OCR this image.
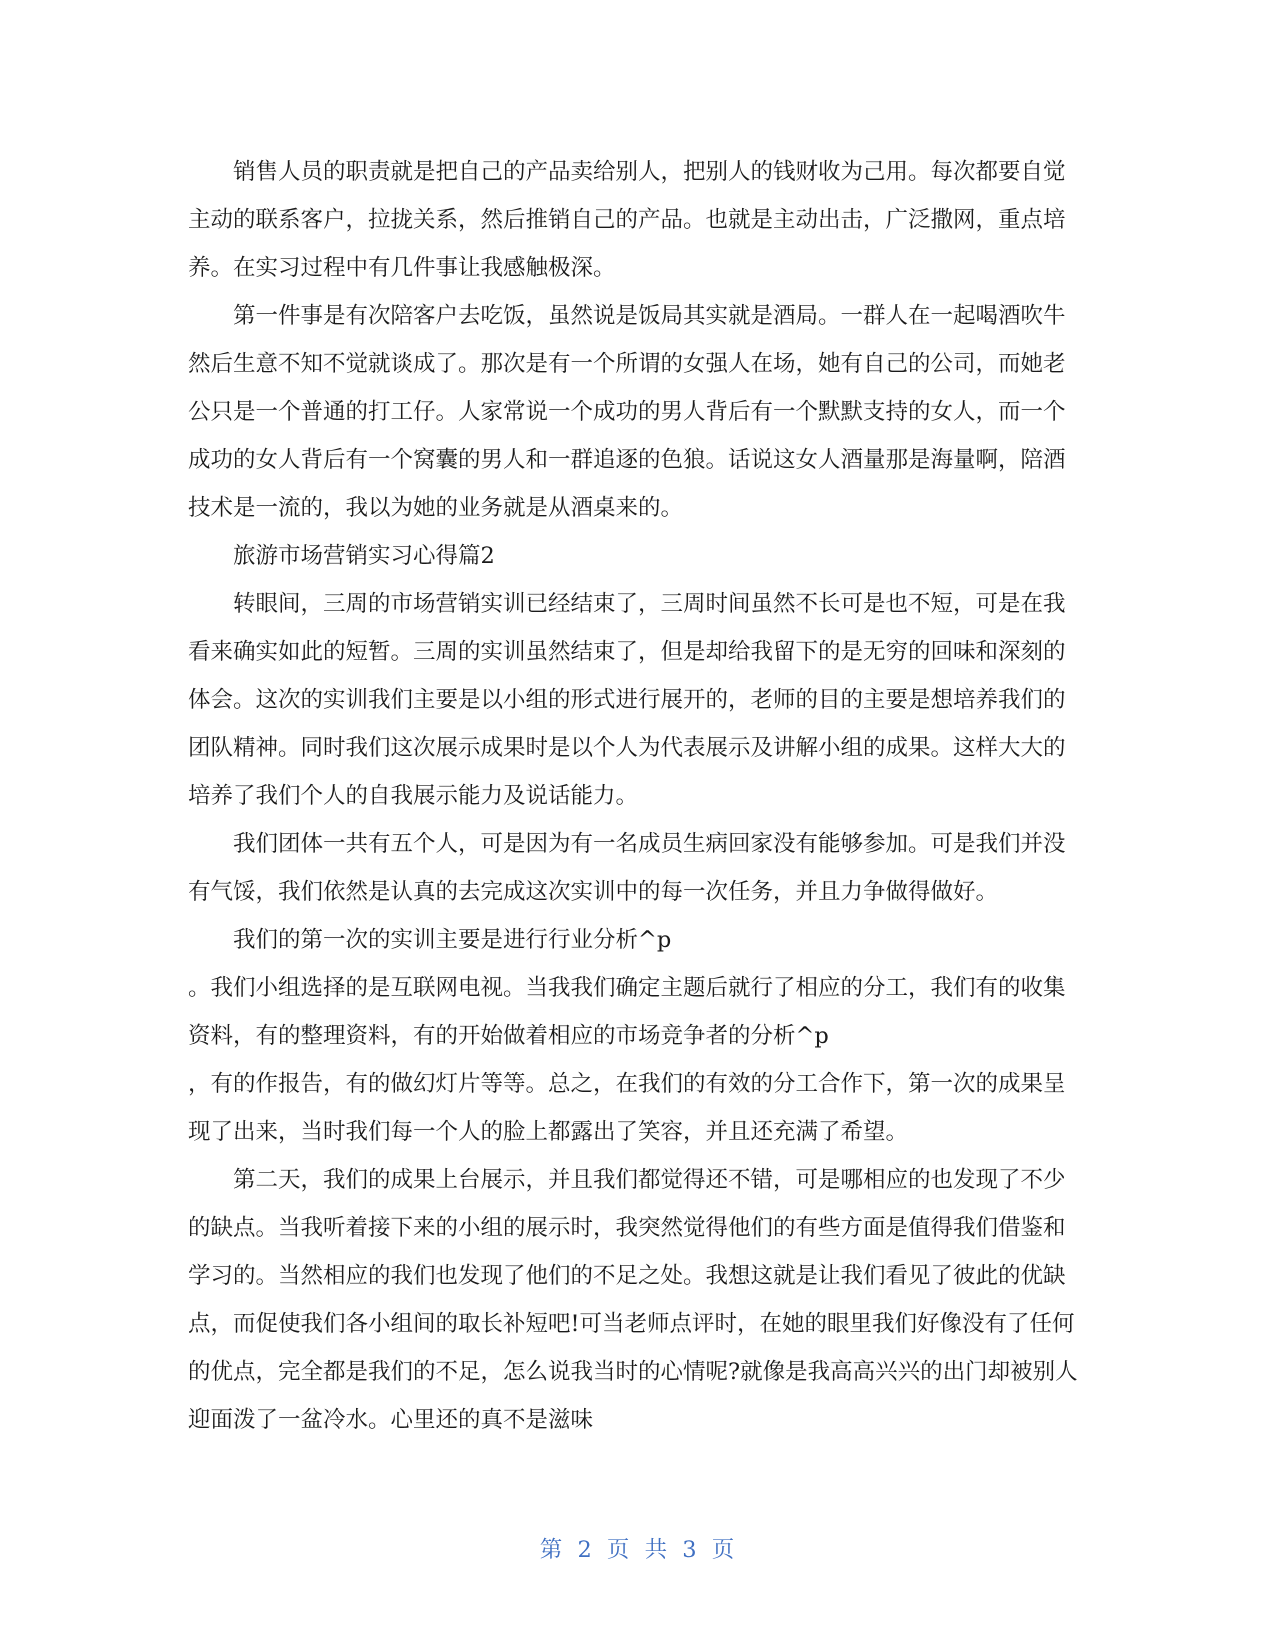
销售人员的职责就是把自己的产品卖给别人，把别人的钱财收为己用。每次都要自觉主动的联系客户，拉拢关系，然后推销自己的产品。也就是主动出击，广泛撒网，重点培养。在实习过程中有几件事让我感触极深。

第一件事是有次陪客户去吃饭，虽然说是饭局其实就是酒局。一群人在一起喝酒吹牛然后生意不知不觉就谈成了。那次是有一个所谓的女强人在场，她有自己的公司，而她老公只是一个普通的打工仔。人家常说一个成功的男人背后有一个默默支持的女人，而一个成功的女人背后有一个窝囊的男人和一群追逐的色狼。话说这女人酒量那是海量啊，陪酒技术是一流的，我以为她的业务就是从酒桌来的。

旅游市场营销实习心得篇2

转眼间，三周的市场营销实训已经结束了，三周时间虽然不长可是也不短，可是在我看来确实如此的短暂。三周的实训虽然结束了，但是却给我留下的是无穷的回味和深刻的体会。这次的实训我们主要是以小组的形式进行展开的，老师的目的主要是想培养我们的团队精神。同时我们这次展示成果时是以个人为代表展示及讲解小组的成果。这样大大的培养了我们个人的自我展示能力及说话能力。

我们团体一共有五个人，可是因为有一名成员生病回家没有能够参加。可是我们并没有气馁，我们依然是认真的去完成这次实训中的每一次任务，并且力争做得做好。

我们的第一次的实训主要是进行行业分析^p

。我们小组选择的是互联网电视。当我我们确定主题后就行了相应的分工，我们有的收集资料，有的整理资料，有的开始做着相应的市场竞争者的分析^p

，有的作报告，有的做幻灯片等等。总之，在我们的有效的分工合作下，第一次的成果呈现了出来，当时我们每一个人的脸上都露出了笑容，并且还充满了希望。

第二天，我们的成果上台展示，并且我们都觉得还不错，可是哪相应的也发现了不少的缺点。当我听着接下来的小组的展示时，我突然觉得他们的有些方面是值得我们借鉴和学习的。当然相应的我们也发现了他们的不足之处。我想这就是让我们看见了彼此的优缺点，而促使我们各小组间的取长补短吧!可当老师点评时，在她的眼里我们好像没有了任何的优点，完全都是我们的不足，怎么说我当时的心情呢?就像是我高高兴兴的出门却被别人迎面泼了一盆冷水。心里还的真不是滋味

第 2 页 共 3 页
